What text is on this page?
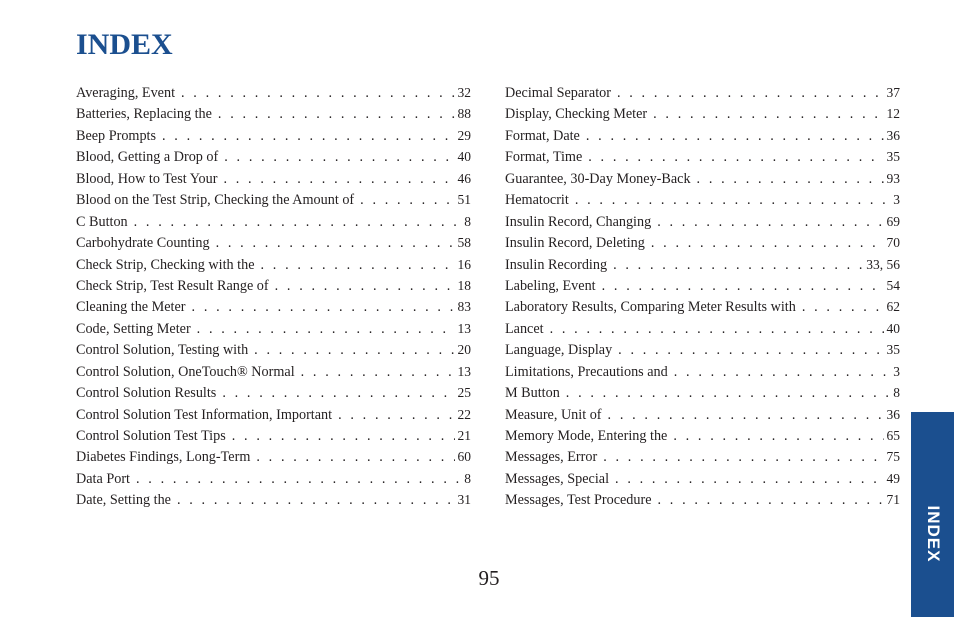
INDEX
Averaging, Event . . .	32
Batteries, Replacing the . . .	88
Beep Prompts . . .	29
Blood, Getting a Drop of . . .	40
Blood, How to Test Your . . .	46
Blood on the Test Strip, Checking the Amount of . . .	51
C Button . . .	8
Carbohydrate Counting . . .	58
Check Strip, Checking with the . . .	16
Check Strip, Test Result Range of . . .	18
Cleaning the Meter . . .	83
Code, Setting Meter . . .	13
Control Solution, Testing with . . .	20
Control Solution, OneTouch® Normal . . .	13
Control Solution Results . . .	25
Control Solution Test Information, Important . . .	22
Control Solution Test Tips . . .	21
Diabetes Findings, Long-Term . . .	60
Data Port . . .	8
Date, Setting the . . .	31
Decimal Separator . . .	37
Display, Checking Meter . . .	12
Format, Date . . .	36
Format, Time . . .	35
Guarantee, 30-Day Money-Back . . .	93
Hematocrit . . .	3
Insulin Record, Changing . . .	69
Insulin Record, Deleting . . .	70
Insulin Recording . . .	33, 56
Labeling, Event . . .	54
Laboratory Results, Comparing Meter Results with . . .	62
Lancet . . .	40
Language, Display . . .	35
Limitations, Precautions and . . .	3
M Button . . .	8
Measure, Unit of . . .	36
Memory Mode, Entering the . . .	65
Messages, Error . . .	75
Messages, Special . . .	49
Messages, Test Procedure . . .	71
95
INDEX
